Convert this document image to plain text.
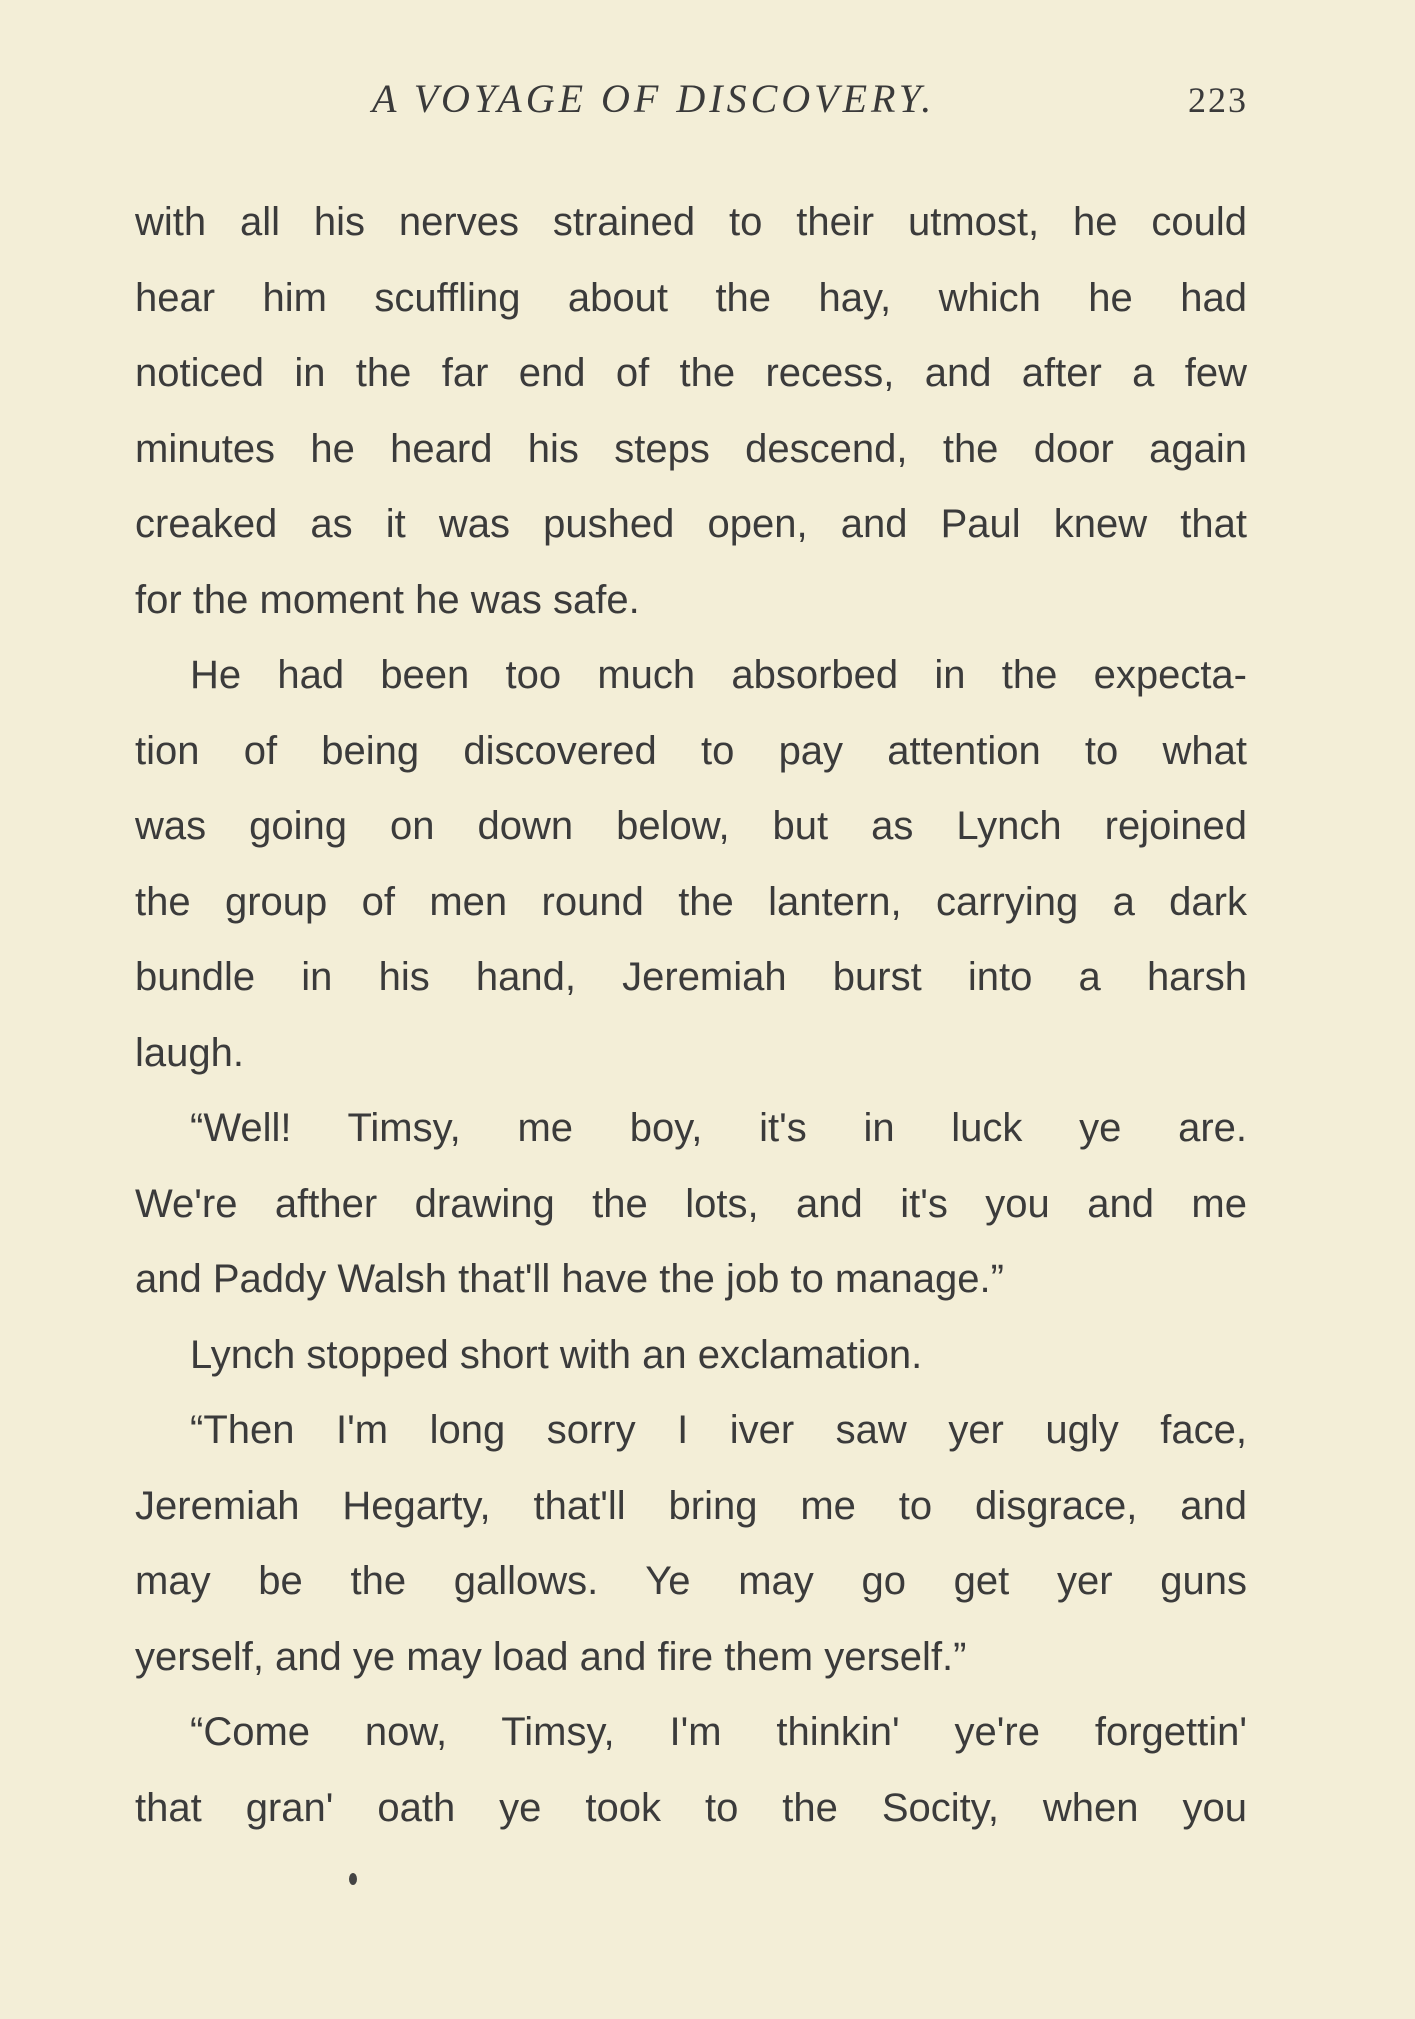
A VOYAGE OF DISCOVERY.	223
with all his nerves strained to their utmost, he could
hear him scuffling about the hay, which he had
noticed in the far end of the recess, and after a few
minutes he heard his steps descend, the door again
creaked as it was pushed open, and Paul knew that
for the moment he was safe.
He had been too much absorbed in the expecta-
tion of being discovered to pay attention to what
was going on down below, but as Lynch rejoined
the group of men round the lantern, carrying a dark
bundle in his hand, Jeremiah burst into a harsh
laugh.
“Well! Timsy, me boy, it's in luck ye are.
We're afther drawing the lots, and it's you and me
and Paddy Walsh that'll have the job to manage.”
Lynch stopped short with an exclamation.
“Then I'm long sorry I iver saw yer ugly face,
Jeremiah Hegarty, that'll bring me to disgrace, and
may be the gallows. Ye may go get yer guns
yerself, and ye may load and fire them yerself.”
“Come now, Timsy, I'm thinkin' ye're forgettin'
that gran' oath ye took to the Socity, when you
